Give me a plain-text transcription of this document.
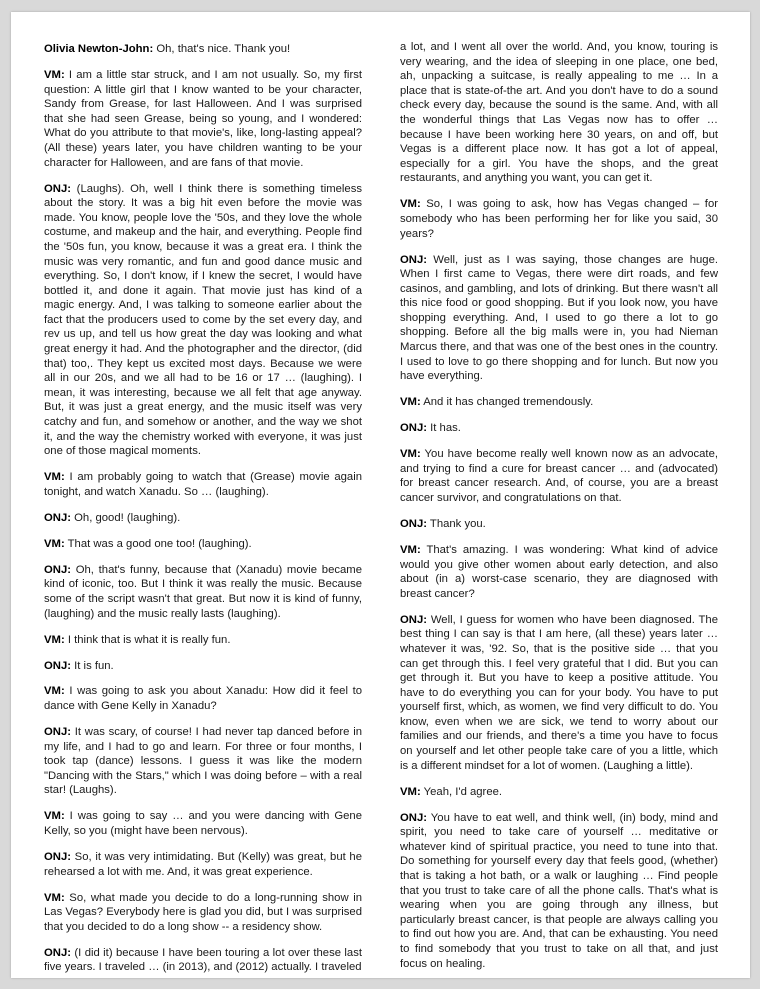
Olivia Newton-John: Oh, that's nice. Thank you!

VM: I am a little star struck, and I am not usually. So, my first question: A little girl that I know wanted to be your character, Sandy from Grease, for last Halloween. And I was surprised that she had seen Grease, being so young, and I wondered: What do you attribute to that movie's, like, long-lasting appeal? (All these) years later, you have children wanting to be your character for Halloween, and are fans of that movie.

ONJ: (Laughs). Oh, well I think there is something timeless about the story. It was a big hit even before the movie was made. You know, people love the '50s, and they love the whole costume, and makeup and the hair, and everything. People find the '50s fun, you know, because it was a great era. I think the music was very romantic, and fun and good dance music and everything. So, I don't know, if I knew the secret, I would have bottled it, and done it again. That movie just has kind of a magic energy. And, I was talking to someone earlier about the fact that the producers used to come by the set every day, and rev us up, and tell us how great the day was looking and what great energy it had. And the photographer and the director, (did that) too,. They kept us excited most days. Because we were all in our 20s, and we all had to be 16 or 17 … (laughing). I mean, it was interesting, because we all felt that age anyway. But, it was just a great energy, and the music itself was very catchy and fun, and somehow or another, and the way we shot it, and the way the chemistry worked with everyone, it was just one of those magical moments.

VM: I am probably going to watch that (Grease) movie again tonight, and watch Xanadu. So … (laughing).

ONJ: Oh, good! (laughing).

VM: That was a good one too! (laughing).

ONJ: Oh, that's funny, because that (Xanadu) movie became kind of iconic, too. But I think it was really the music. Because some of the script wasn't that great. But now it is kind of funny, (laughing) and the music really lasts (laughing).

VM: I think that is what it is really fun.

ONJ: It is fun.

VM: I was going to ask you about Xanadu: How did it feel to dance with Gene Kelly in Xanadu?

ONJ: It was scary, of course! I had never tap danced before in my life, and I had to go and learn. For three or four months, I took tap (dance) lessons. I guess it was like the modern "Dancing with the Stars," which I was doing before – with a real star! (Laughs).

VM: I was going to say … and you were dancing with Gene Kelly, so you (might have been nervous).

ONJ: So, it was very intimidating. But (Kelly) was great, but he rehearsed a lot with me. And, it was great experience.

VM: So, what made you decide to do a long-running show in Las Vegas? Everybody here is glad you did, but I was surprised that you decided to do a long show -- a residency show.

ONJ: (I did it) because I have been touring a lot over these last five years. I traveled … (in 2013), and (2012) actually. I traveled

a lot, and I went all over the world. And, you know, touring is very wearing, and the idea of sleeping in one place, one bed, ah, unpacking a suitcase, is really appealing to me … In a place that is state-of-the art. And you don't have to do a sound check every day, because the sound is the same. And, with all the wonderful things that Las Vegas now has to offer … because I have been working here 30 years, on and off, but Vegas is a different place now. It has got a lot of appeal, especially for a girl. You have the shops, and the great restaurants, and anything you want, you can get it.

VM: So, I was going to ask, how has Vegas changed – for somebody who has been performing her for like you said, 30 years?

ONJ: Well, just as I was saying, those changes are huge. When I first came to Vegas, there were dirt roads, and few casinos, and gambling, and lots of drinking. But there wasn't all this nice food or good shopping. But if you look now, you have shopping everything. And, I used to go there a lot to go shopping. Before all the big malls were in, you had Nieman Marcus there, and that was one of the best ones in the country. I used to love to go there shopping and for lunch. But now you have everything.

VM: And it has changed tremendously.

ONJ: It has.

VM: You have become really well known now as an advocate, and trying to find a cure for breast cancer … and (advocated) for breast cancer research. And, of course, you are a breast cancer survivor, and congratulations on that.

ONJ: Thank you.

VM: That's amazing. I was wondering: What kind of advice would you give other women about early detection, and also about (in a) worst-case scenario, they are diagnosed with breast cancer?

ONJ: Well, I guess for women who have been diagnosed. The best thing I can say is that I am here, (all these) years later … whatever it was, '92. So, that is the positive side … that you can get through this. I feel very grateful that I did. But you can get through it. But you have to keep a positive attitude. You have to do everything you can for your body. You have to put yourself first, which, as women, we find very difficult to do. You know, even when we are sick, we tend to worry about our families and our friends, and there's a time you have to focus on yourself and let other people take care of you a little, which is a different mindset for a lot of women. (Laughing a little).

VM: Yeah, I'd agree.

ONJ: You have to eat well, and think well, (in) body, mind and spirit, you need to take care of yourself … meditative or whatever kind of spiritual practice, you need to tune into that. Do something for yourself every day that feels good, (whether) that is taking a hot bath, or a walk or laughing … Find people that you trust to take care of all the phone calls. That's what is wearing when you are going through any illness, but particularly breast cancer, is that people are always calling you to find out how you are. And, that can be exhausting. You need to find somebody that you trust to take on all that, and just focus on healing.
